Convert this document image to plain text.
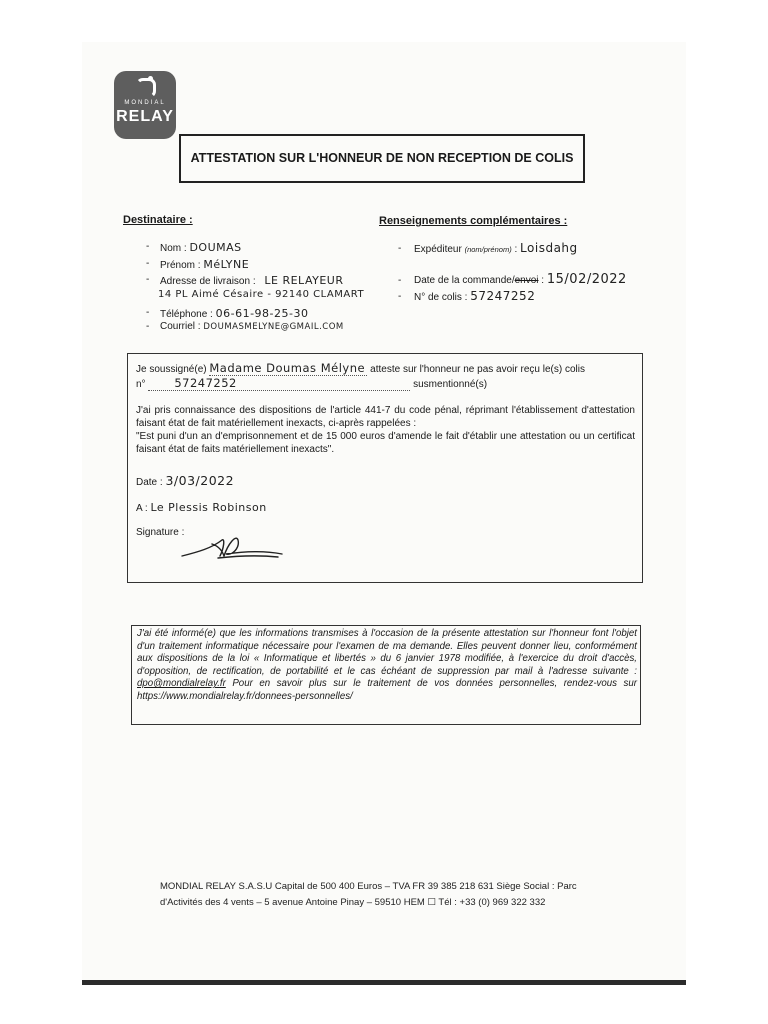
MONDIAL
RELAY
ATTESTATION SUR L'HONNEUR DE NON RECEPTION DE COLIS
Destinataire :
- Nom : DOUMAS
- Prénom : MéLYNE
- Adresse de livraison : LE RELAYEUR
14 PL Aimé Césaire - 92140 CLAMART
- Téléphone : 06-61-98-25-30
- Courriel : DOUMASMELYNE@GMAIL.COM
Renseignements complémentaires :
- Expéditeur (nom/prénom) : Loisdahg
- Date de la commande/envoi : 15/02/2022
- N° de colis : 57247252
Je soussigné(e) Madame Doumas Mélyne atteste sur l'honneur ne pas avoir reçu le(s) colis
n°	57247252	susmentionné(s)
J'ai pris connaissance des dispositions de l'article 441-7 du code pénal, réprimant l'établissement d'attestation faisant état de fait matériellement inexacts, ci-après rappelées :
"Est puni d'un an d'emprisonnement et de 15 000 euros d'amende le fait d'établir une attestation ou un certificat faisant état de faits matériellement inexacts".
Date : 3/03/2022
A : Le Plessis Robinson
Signature :
J'ai été informé(e) que les informations transmises à l'occasion de la présente attestation sur l'honneur font l'objet d'un traitement informatique nécessaire pour l'examen de ma demande. Elles peuvent donner lieu, conformément aux dispositions de la loi « Informatique et libertés » du 6 janvier 1978 modifiée, à l'exercice du droit d'accès, d'opposition, de rectification, de portabilité et le cas échéant de suppression par mail à l'adresse suivante : dpo@mondialrelay.fr Pour en savoir plus sur le traitement de vos données personnelles, rendez-vous sur https://www.mondialrelay.fr/donnees-personnelles/
MONDIAL RELAY S.A.S.U Capital de 500 400 Euros – TVA FR 39 385 218 631 Siège Social : Parc
d'Activités des 4 vents – 5 avenue Antoine Pinay – 59510 HEM ☐ Tél : +33 (0) 969 322 332
